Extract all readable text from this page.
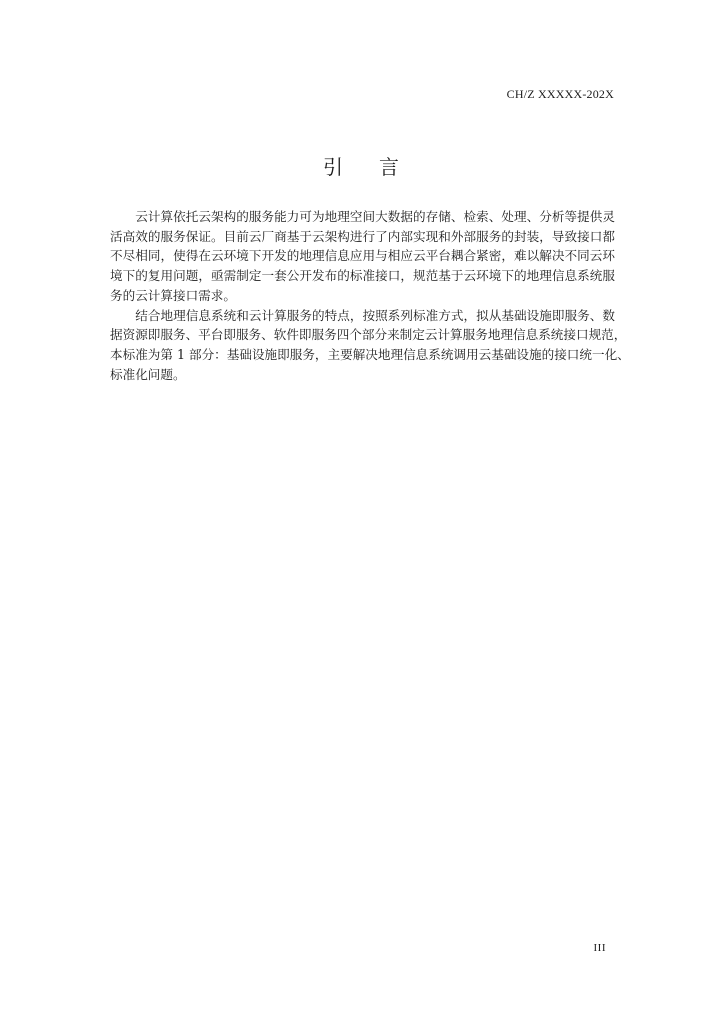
CH/Z XXXXX-202X
引 言

云计算依托云架构的服务能力可为地理空间大数据的存储、检索、处理、分析等提供灵
活高效的服务保证。目前云厂商基于云架构进行了内部实现和外部服务的封装，导致接口都
不尽相同，使得在云环境下开发的地理信息应用与相应云平台耦合紧密，难以解决不同云环
境下的复用问题，亟需制定一套公开发布的标准接口，规范基于云环境下的地理信息系统服
务的云计算接口需求。

结合地理信息系统和云计算服务的特点，按照系列标准方式，拟从基础设施即服务、数
据资源即服务、平台即服务、软件即服务四个部分来制定云计算服务地理信息系统接口规范，
本标准为第 1 部分：基础设施即服务，主要解决地理信息系统调用云基础设施的接口统一化、
标准化问题。

III
